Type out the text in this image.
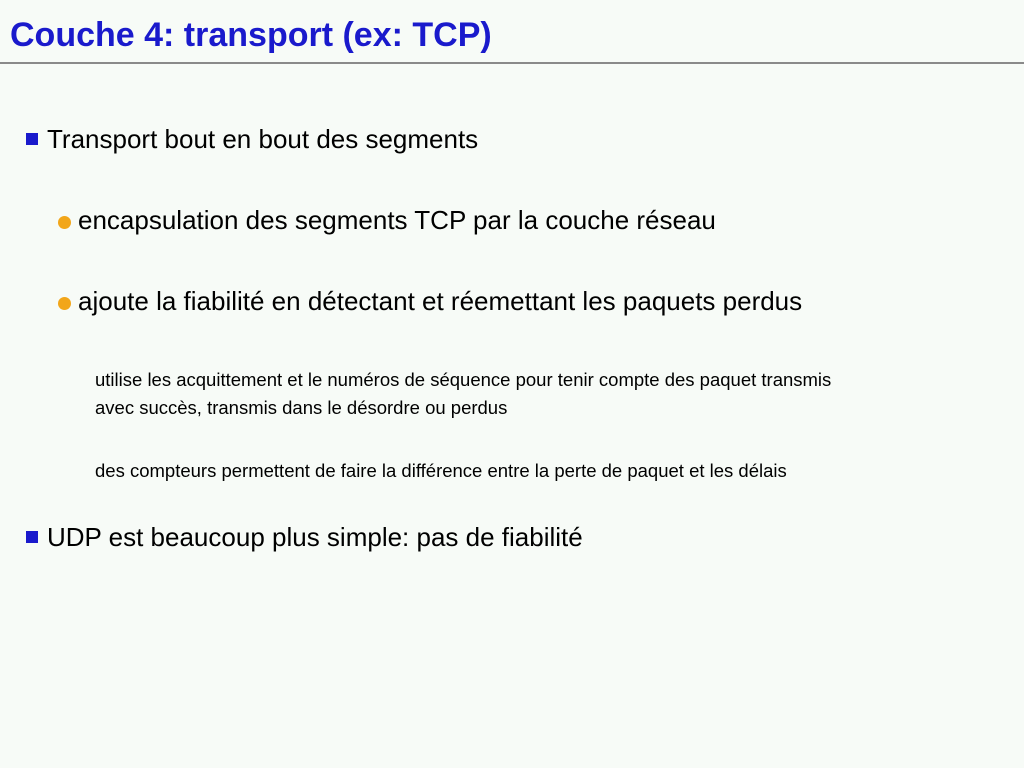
Couche 4: transport (ex: TCP)
Transport bout en bout des segments
encapsulation des segments TCP par la couche réseau
ajoute la fiabilité en détectant et réemettant les paquets perdus
utilise les acquittement et le numéros de séquence pour tenir compte des paquet transmis
avec succès, transmis dans le désordre ou perdus
des compteurs permettent de faire la différence entre la perte de paquet et les délais
UDP est beaucoup plus simple: pas de fiabilité
